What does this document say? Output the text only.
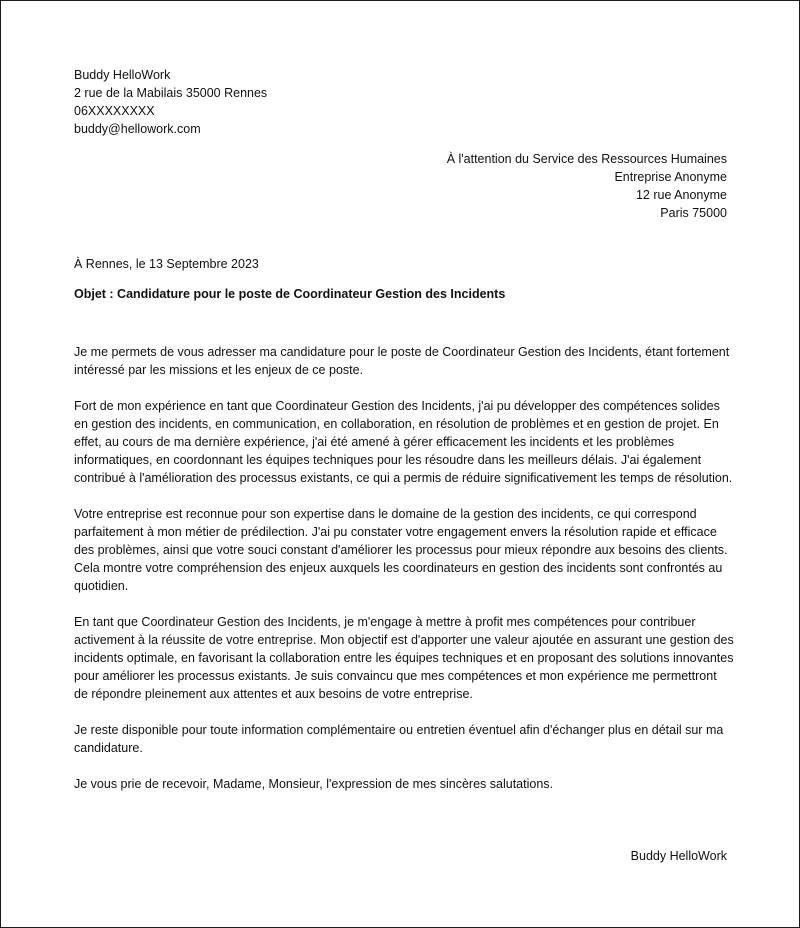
Buddy HelloWork
2 rue de la Mabilais 35000 Rennes
06XXXXXXXX
buddy@hellowork.com
À l'attention du Service des Ressources Humaines
Entreprise Anonyme
12 rue Anonyme
Paris 75000
À Rennes, le 13 Septembre 2023
Objet : Candidature pour le poste de Coordinateur Gestion des Incidents

Je me permets de vous adresser ma candidature pour le poste de Coordinateur Gestion des Incidents, étant fortement intéressé par les missions et les enjeux de ce poste.

Fort de mon expérience en tant que Coordinateur Gestion des Incidents, j'ai pu développer des compétences solides en gestion des incidents, en communication, en collaboration, en résolution de problèmes et en gestion de projet. En effet, au cours de ma dernière expérience, j'ai été amené à gérer efficacement les incidents et les problèmes informatiques, en coordonnant les équipes techniques pour les résoudre dans les meilleurs délais. J'ai également contribué à l'amélioration des processus existants, ce qui a permis de réduire significativement les temps de résolution.

Votre entreprise est reconnue pour son expertise dans le domaine de la gestion des incidents, ce qui correspond parfaitement à mon métier de prédilection. J'ai pu constater votre engagement envers la résolution rapide et efficace des problèmes, ainsi que votre souci constant d'améliorer les processus pour mieux répondre aux besoins des clients. Cela montre votre compréhension des enjeux auxquels les coordinateurs en gestion des incidents sont confrontés au quotidien.

En tant que Coordinateur Gestion des Incidents, je m'engage à mettre à profit mes compétences pour contribuer activement à la réussite de votre entreprise. Mon objectif est d'apporter une valeur ajoutée en assurant une gestion des incidents optimale, en favorisant la collaboration entre les équipes techniques et en proposant des solutions innovantes pour améliorer les processus existants. Je suis convaincu que mes compétences et mon expérience me permettront de répondre pleinement aux attentes et aux besoins de votre entreprise.

Je reste disponible pour toute information complémentaire ou entretien éventuel afin d'échanger plus en détail sur ma candidature.

Je vous prie de recevoir, Madame, Monsieur, l'expression de mes sincères salutations.

Buddy HelloWork
